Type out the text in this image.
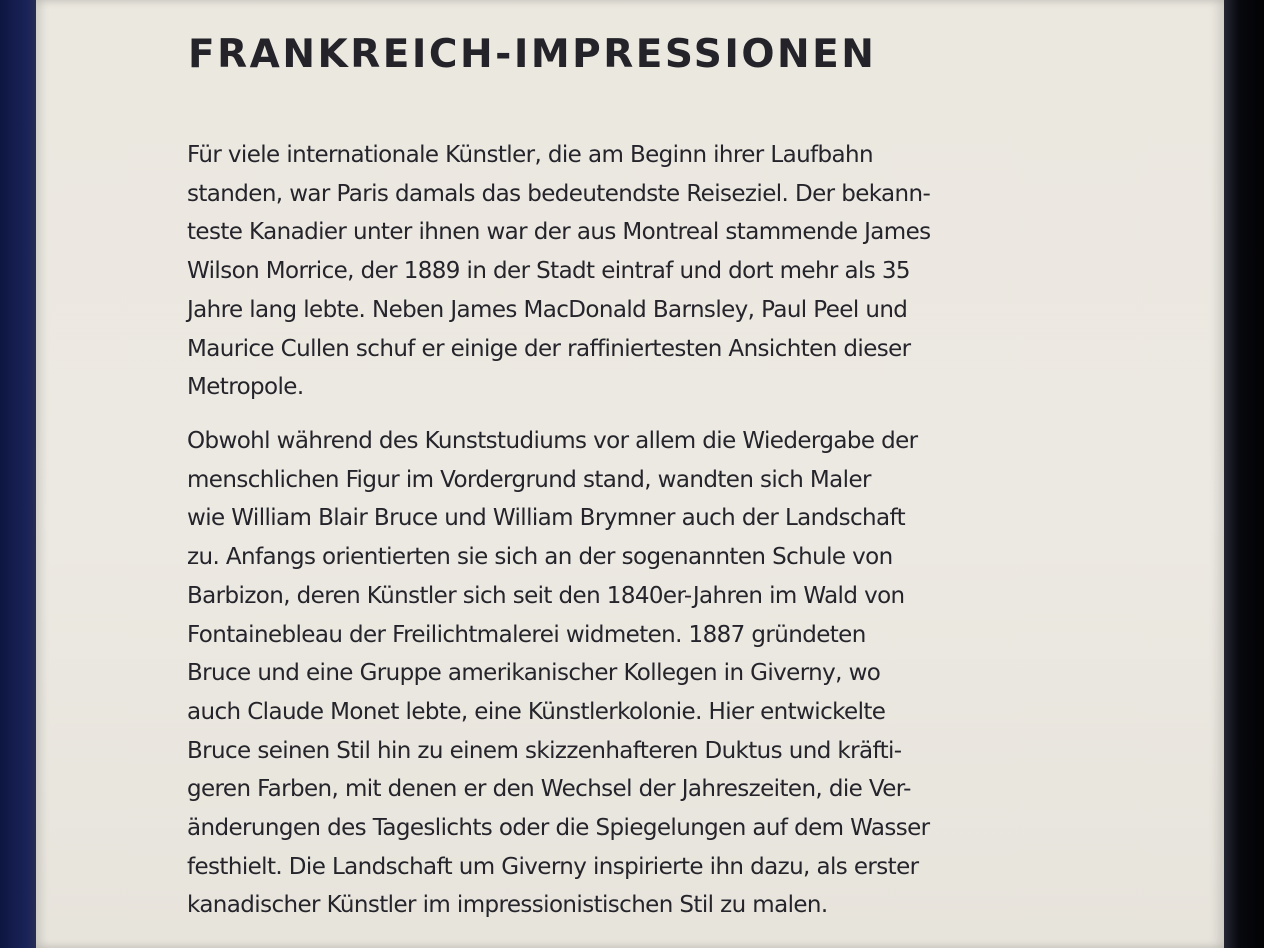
FRANKREICH-IMPRESSIONEN
Für viele internationale Künstler, die am Beginn ihrer Laufbahn
standen, war Paris damals das bedeutendste Reiseziel. Der bekann-
teste Kanadier unter ihnen war der aus Montreal stammende James
Wilson Morrice, der 1889 in der Stadt eintraf und dort mehr als 35
Jahre lang lebte. Neben James MacDonald Barnsley, Paul Peel und
Maurice Cullen schuf er einige der raffiniertesten Ansichten dieser
Metropole.
Obwohl während des Kunststudiums vor allem die Wiedergabe der
menschlichen Figur im Vordergrund stand, wandten sich Maler
wie William Blair Bruce und William Brymner auch der Landschaft
zu. Anfangs orientierten sie sich an der sogenannten Schule von
Barbizon, deren Künstler sich seit den 1840er-Jahren im Wald von
Fontainebleau der Freilichtmalerei widmeten. 1887 gründeten
Bruce und eine Gruppe amerikanischer Kollegen in Giverny, wo
auch Claude Monet lebte, eine Künstlerkolonie. Hier entwickelte
Bruce seinen Stil hin zu einem skizzenhafteren Duktus und kräfti-
geren Farben, mit denen er den Wechsel der Jahreszeiten, die Ver-
änderungen des Tageslichts oder die Spiegelungen auf dem Wasser
festhielt. Die Landschaft um Giverny inspirierte ihn dazu, als erster
kanadischer Künstler im impressionistischen Stil zu malen.
